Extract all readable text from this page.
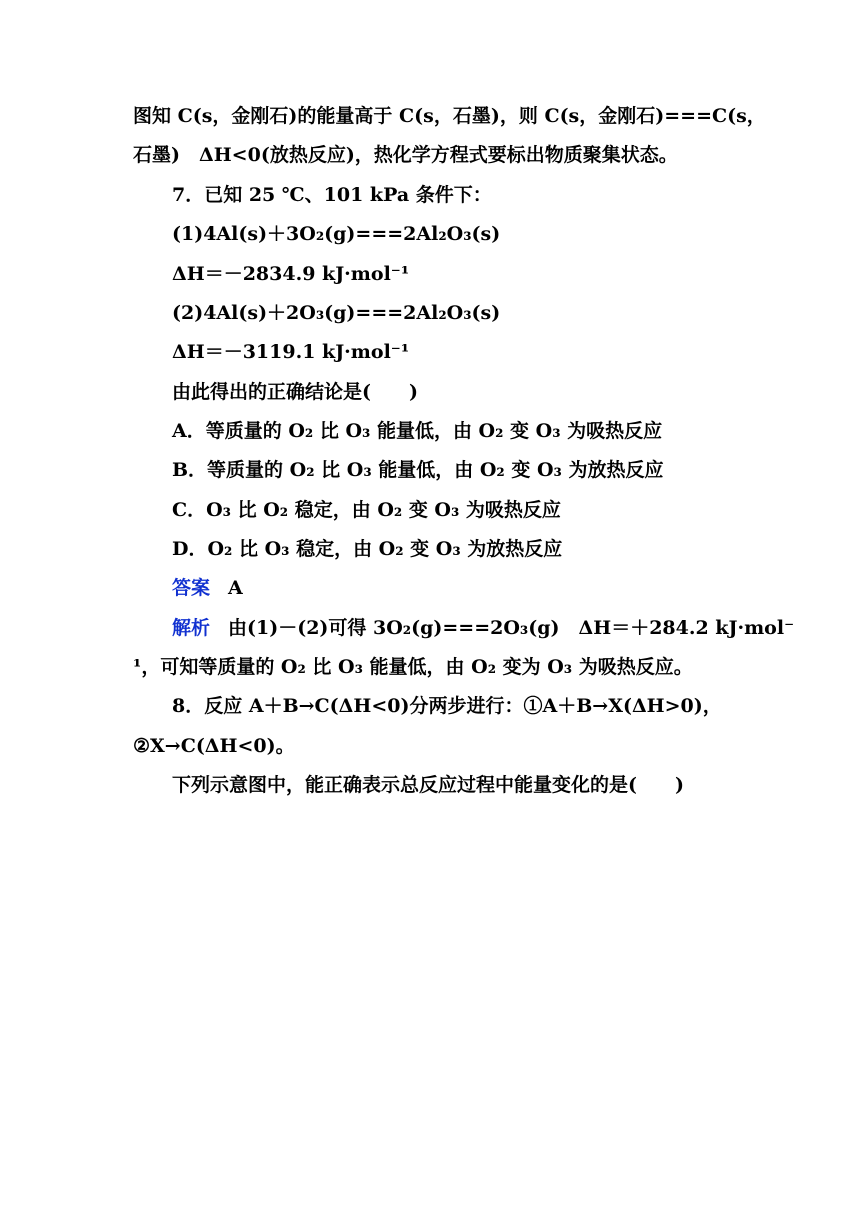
图知 C(s，金刚石)的能量高于 C(s，石墨)，则 C(s，金刚石)===C(s，
石墨)　ΔH<0(放热反应)，热化学方程式要标出物质聚集状态。
7．已知 25 ℃、101 kPa 条件下：
(1)4Al(s)＋3O₂(g)===2Al₂O₃(s)
ΔH＝－2834.9 kJ·mol⁻¹
(2)4Al(s)＋2O₃(g)===2Al₂O₃(s)
ΔH＝－3119.1 kJ·mol⁻¹
由此得出的正确结论是(　　)
A．等质量的 O₂ 比 O₃ 能量低，由 O₂ 变 O₃ 为吸热反应
B．等质量的 O₂ 比 O₃ 能量低，由 O₂ 变 O₃ 为放热反应
C．O₃ 比 O₂ 稳定，由 O₂ 变 O₃ 为吸热反应
D．O₂ 比 O₃ 稳定，由 O₂ 变 O₃ 为放热反应
答案 A
解析 由(1)－(2)可得 3O₂(g)===2O₃(g)　ΔH＝＋284.2 kJ·mol⁻
¹，可知等质量的 O₂ 比 O₃ 能量低，由 O₂ 变为 O₃ 为吸热反应。
8．反应 A＋B→C(ΔH<0)分两步进行：①A＋B→X(ΔH>0)，
②X→C(ΔH<0)。
下列示意图中，能正确表示总反应过程中能量变化的是(　　)
